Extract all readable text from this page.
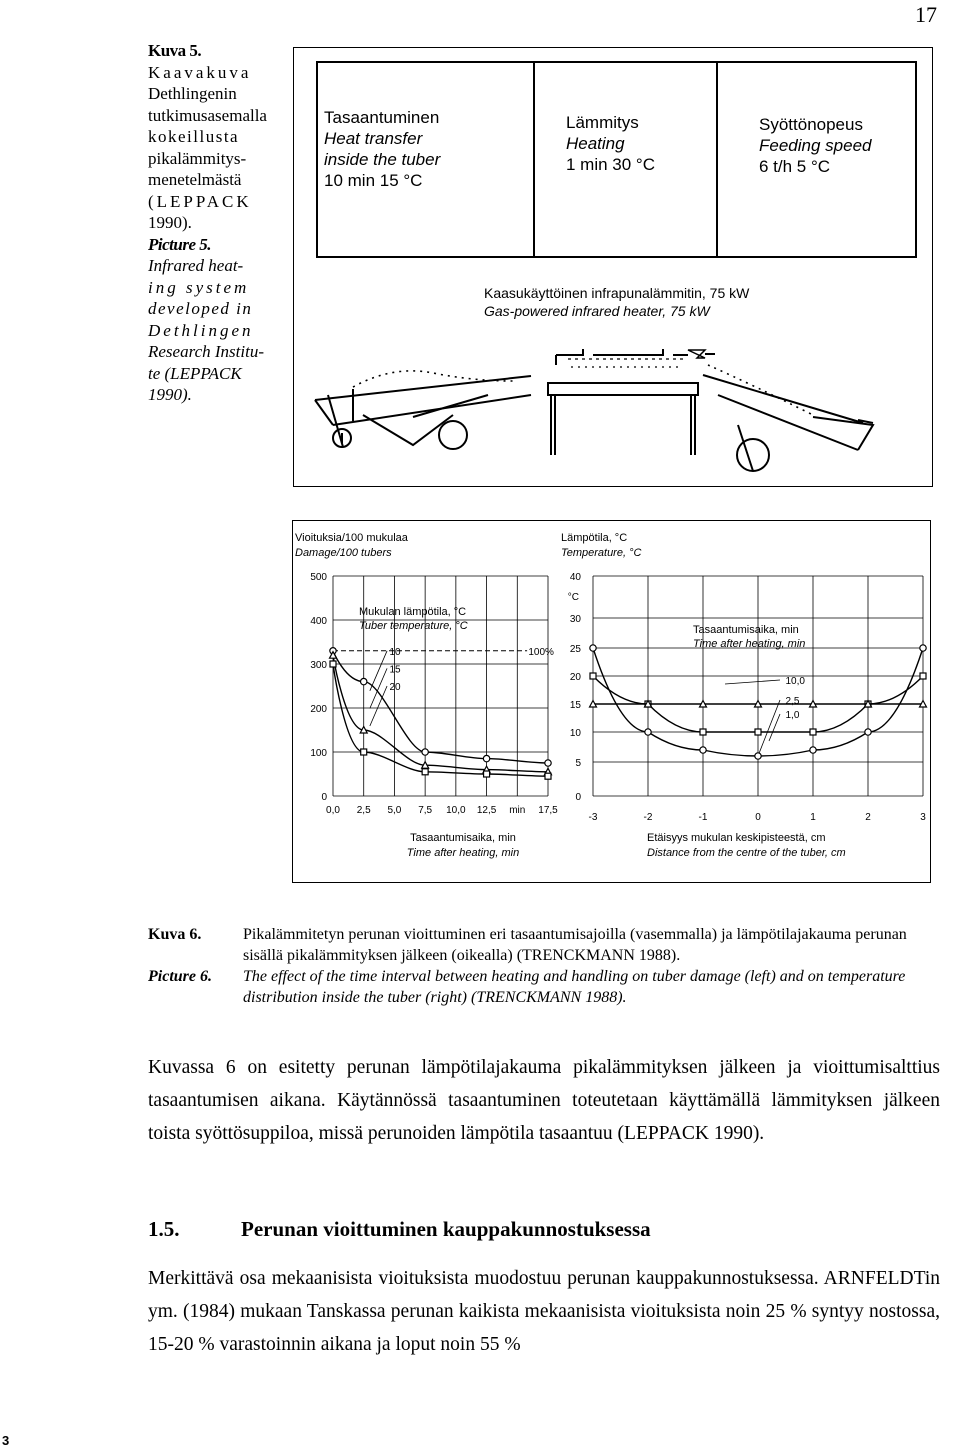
17
Kuva 5.
Kaavakuva
Dethlingenin
tutkimusasemalla
kokeillusta
pikalämmitys-
menetelmästä
(LEPPACK
1990).
Picture 5.
Infrared heat-
ing system
developed in
Dethlingen
Research Institu-
te (LEPPACK
1990).
Tasaantuminen
Heat transfer
inside the tuber
10 min 15 °C
Lämmitys
Heating
1 min 30 °C
Syöttönopeus
Feeding speed
6 t/h 5 °C
Kaasukäyttöinen infrapunalämmitin, 75 kW
Gas-powered infrared heater, 75 kW
Vioituksia/100 mukulaa
Damage/100 tubers
500
400
300
200
100
0
0,0 2,5 5,0 7,5 10,0 12,5 min 17,5
100%
10
15
20
Mukulan lämpötila, °C
Tuber temperature, °C
Tasaantumisaika, min
Time after heating, min
Lämpötila, °C
Temperature, °C
40
30
25
20
15
10
5
0
°C
-3	-2	-1	0	1	2	3
10,0
2,5
1,0
Tasaantumisaika, min
Time after heating, min
Etäisyys mukulan keskipisteestä, cm
Distance from the centre of the tuber, cm
Kuva 6.	Pikalämmitetyn perunan vioittuminen eri tasaantumisajoilla (vasemmalla) ja lämpötilajakauma perunan sisällä pikalämmityksen jälkeen (oikealla) (TRENCKMANN 1988).
Picture 6.	The effect of the time interval between heating and handling on tuber damage (left) and on temperature distribution inside the tuber (right) (TRENCKMANN 1988).
Kuvassa 6 on esitetty perunan lämpötilajakauma pikalämmityksen jälkeen ja vioittumisalttius tasaantumisen aikana. Käytännössä tasaantuminen toteutetaan käyttämällä lämmityksen jälkeen toista syöttösuppiloa, missä perunoiden lämpötila tasaantuu (LEPPACK 1990).
1.5.	Perunan vioittuminen kauppakunnostuksessa
Merkittävä osa mekaanisista vioituksista muodostuu perunan kauppakunnostuksessa. ARNFELDTin ym. (1984) mukaan Tanskassa perunan kaikista mekaanisista vioituksista noin 25 % syntyy nostossa, 15-20 % varastoinnin aikana ja loput noin 55 %
3
